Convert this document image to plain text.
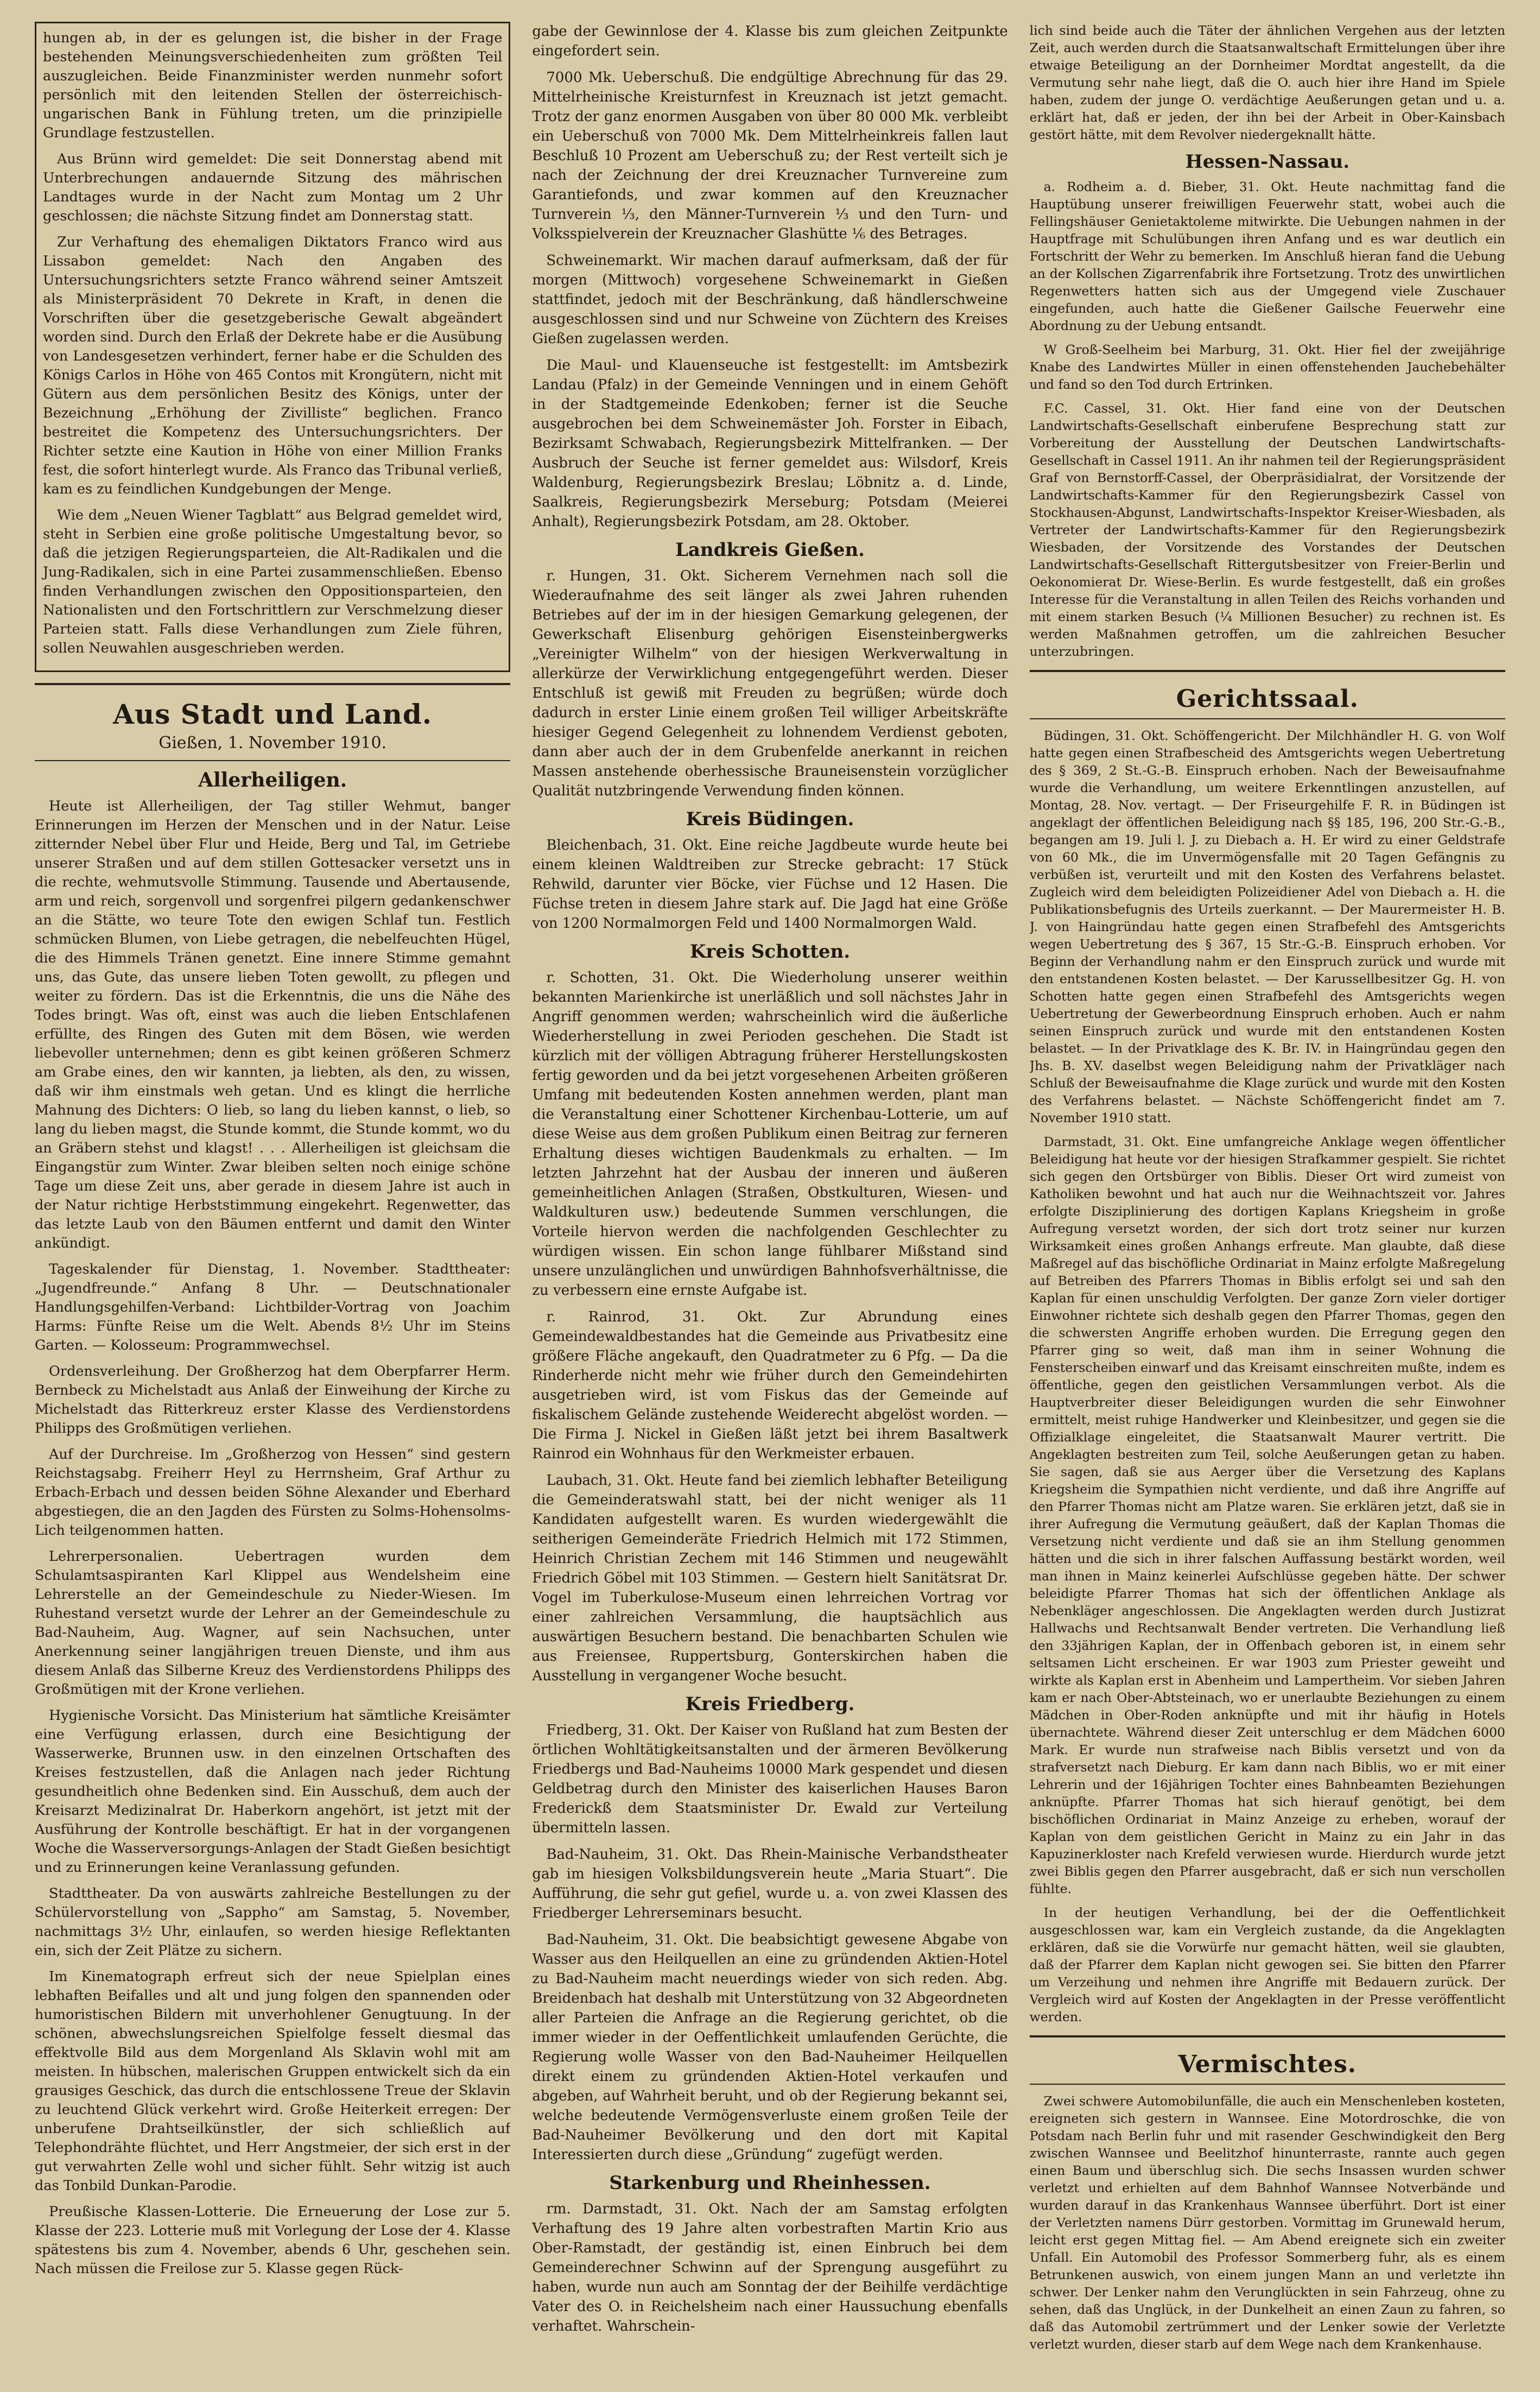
hungen ab, in der es gelungen ist, die bisher in der Frage bestehenden Meinungsverschiedenheiten zum größten Teil auszugleichen. Beide Finanzminister werden nunmehr sofort persönlich mit den leitenden Stellen der österreichisch-ungarischen Bank in Fühlung treten, um die prinzipielle Grundlage festzustellen.

Aus Brünn wird gemeldet: Die seit Donnerstag abend mit Unterbrechungen andauernde Sitzung des mährischen Landtages wurde in der Nacht zum Montag um 2 Uhr geschlossen; die nächste Sitzung findet am Donnerstag statt.

Zur Verhaftung des ehemaligen Diktators Franco wird aus Lissabon gemeldet: Nach den Angaben des Untersuchungsrichters setzte Franco während seiner Amtszeit als Ministerpräsident 70 Dekrete in Kraft, in denen die Vorschriften über die gesetzgeberische Gewalt abgeändert worden sind. Durch den Erlaß der Dekrete habe er die Ausübung von Landesgesetzen verhindert, ferner habe er die Schulden des Königs Carlos in Höhe von 465 Contos mit Krongütern, nicht mit Gütern aus dem persönlichen Besitz des Königs, unter der Bezeichnung „Erhöhung der Zivilliste“ beglichen. Franco bestreitet die Kompetenz des Untersuchungsrichters. Der Richter setzte eine Kaution in Höhe von einer Million Franks fest, die sofort hinterlegt wurde. Als Franco das Tribunal verließ, kam es zu feindlichen Kundgebungen der Menge.

Wie dem „Neuen Wiener Tagblatt“ aus Belgrad gemeldet wird, steht in Serbien eine große politische Umgestaltung bevor, so daß die jetzigen Regierungsparteien, die Alt-Radikalen und die Jung-Radikalen, sich in eine Partei zusammenschließen. Ebenso finden Verhandlungen zwischen den Oppositionsparteien, den Nationalisten und den Fortschrittlern zur Verschmelzung dieser Parteien statt. Falls diese Verhandlungen zum Ziele führen, sollen Neuwahlen ausgeschrieben werden.

Aus Stadt und Land.
Gießen, 1. November 1910.
Allerheiligen.

Heute ist Allerheiligen, der Tag stiller Wehmut, banger Erinnerungen im Herzen der Menschen und in der Natur. Leise zitternder Nebel über Flur und Heide, Berg und Tal, im Getriebe unserer Straßen und auf dem stillen Gottesacker versetzt uns in die rechte, wehmutsvolle Stimmung. Tausende und Abertausende, arm und reich, sorgenvoll und sorgenfrei pilgern gedankenschwer an die Stätte, wo teure Tote den ewigen Schlaf tun. Festlich schmücken Blumen, von Liebe getragen, die nebelfeuchten Hügel, die des Himmels Tränen genetzt. Eine innere Stimme gemahnt uns, das Gute, das unsere lieben Toten gewollt, zu pflegen und weiter zu fördern. Das ist die Erkenntnis, die uns die Nähe des Todes bringt. Was oft, einst was auch die lieben Entschlafenen erfüllte, des Ringen des Guten mit dem Bösen, wie werden liebevoller unternehmen; denn es gibt keinen größeren Schmerz am Grabe eines, den wir kannten, ja liebten, als den, zu wissen, daß wir ihm einstmals weh getan. Und es klingt die herrliche Mahnung des Dichters: O lieb, so lang du lieben kannst, o lieb, so lang du lieben magst, die Stunde kommt, die Stunde kommt, wo du an Gräbern stehst und klagst! . . . Allerheiligen ist gleichsam die Eingangstür zum Winter. Zwar bleiben selten noch einige schöne Tage um diese Zeit uns, aber gerade in diesem Jahre ist auch in der Natur richtige Herbststimmung eingekehrt. Regenwetter, das das letzte Laub von den Bäumen entfernt und damit den Winter ankündigt.

Tageskalender für Dienstag, 1. November. Stadttheater: „Jugendfreunde.“ Anfang 8 Uhr. — Deutschnationaler Handlungsgehilfen-Verband: Lichtbilder-Vortrag von Joachim Harms: Fünfte Reise um die Welt. Abends 8½ Uhr im Steins Garten. — Kolosseum: Programmwechsel.

Ordensverleihung. Der Großherzog hat dem Oberpfarrer Herm. Bernbeck zu Michelstadt aus Anlaß der Einweihung der Kirche zu Michelstadt das Ritterkreuz erster Klasse des Verdienstordens Philipps des Großmütigen verliehen.

Auf der Durchreise. Im „Großherzog von Hessen“ sind gestern Reichstagsabg. Freiherr Heyl zu Herrnsheim, Graf Arthur zu Erbach-Erbach und dessen beiden Söhne Alexander und Eberhard abgestiegen, die an den Jagden des Fürsten zu Solms-Hohensolms-Lich teilgenommen hatten.

Lehrerpersonalien. Uebertragen wurden dem Schulamtsaspiranten Karl Klippel aus Wendelsheim eine Lehrerstelle an der Gemeindeschule zu Nieder-Wiesen. Im Ruhestand versetzt wurde der Lehrer an der Gemeindeschule zu Bad-Nauheim, Aug. Wagner, auf sein Nachsuchen, unter Anerkennung seiner langjährigen treuen Dienste, und ihm aus diesem Anlaß das Silberne Kreuz des Verdienstordens Philipps des Großmütigen mit der Krone verliehen.

Hygienische Vorsicht. Das Ministerium hat sämtliche Kreisämter eine Verfügung erlassen, durch eine Besichtigung der Wasserwerke, Brunnen usw. in den einzelnen Ortschaften des Kreises festzustellen, daß die Anlagen nach jeder Richtung gesundheitlich ohne Bedenken sind. Ein Ausschuß, dem auch der Kreisarzt Medizinalrat Dr. Haberkorn angehört, ist jetzt mit der Ausführung der Kontrolle beschäftigt. Er hat in der vorgangenen Woche die Wasserversorgungs-Anlagen der Stadt Gießen besichtigt und zu Erinnerungen keine Veranlassung gefunden.

Stadttheater. Da von auswärts zahlreiche Bestellungen zu der Schülervorstellung von „Sappho“ am Samstag, 5. November, nachmittags 3½ Uhr, einlaufen, so werden hiesige Reflektanten ein, sich der Zeit Plätze zu sichern.

Im Kinematograph erfreut sich der neue Spielplan eines lebhaften Beifalles und alt und jung folgen den spannenden oder humoristischen Bildern mit unverhohlener Genugtuung. In der schönen, abwechslungsreichen Spielfolge fesselt diesmal das effektvolle Bild aus dem Morgenland Als Sklavin wohl mit am meisten. In hübschen, malerischen Gruppen entwickelt sich da ein grausiges Geschick, das durch die entschlossene Treue der Sklavin zu leuchtend Glück verkehrt wird. Große Heiterkeit erregen: Der unberufene Drahtseilkünstler, der sich schließlich auf Telephondrähte flüchtet, und Herr Angstmeier, der sich erst in der gut verwahrten Zelle wohl und sicher fühlt. Sehr witzig ist auch das Tonbild Dunkan-Parodie.

Preußische Klassen-Lotterie. Die Erneuerung der Lose zur 5. Klasse der 223. Lotterie muß mit Vorlegung der Lose der 4. Klasse spätestens bis zum 4. November, abends 6 Uhr, geschehen sein. Nach müssen die Freilose zur 5. Klasse gegen Rück-

gabe der Gewinnlose der 4. Klasse bis zum gleichen Zeitpunkte eingefordert sein.

7000 Mk. Ueberschuß. Die endgültige Abrechnung für das 29. Mittelrheinische Kreisturnfest in Kreuznach ist jetzt gemacht. Trotz der ganz enormen Ausgaben von über 80 000 Mk. verbleibt ein Ueberschuß von 7000 Mk. Dem Mittelrheinkreis fallen laut Beschluß 10 Prozent am Ueberschuß zu; der Rest verteilt sich je nach der Zeichnung der drei Kreuznacher Turnvereine zum Garantiefonds, und zwar kommen auf den Kreuznacher Turnverein ⅓, den Männer-Turnverein ⅓ und den Turn- und Volksspielverein der Kreuznacher Glashütte ⅙ des Betrages.

Schweinemarkt. Wir machen darauf aufmerksam, daß der für morgen (Mittwoch) vorgesehene Schweinemarkt in Gießen stattfindet, jedoch mit der Beschränkung, daß händlerschweine ausgeschlossen sind und nur Schweine von Züchtern des Kreises Gießen zugelassen werden.

Die Maul- und Klauenseuche ist festgestellt: im Amtsbezirk Landau (Pfalz) in der Gemeinde Venningen und in einem Gehöft in der Stadtgemeinde Edenkoben; ferner ist die Seuche ausgebrochen bei dem Schweinemäster Joh. Forster in Eibach, Bezirksamt Schwabach, Regierungsbezirk Mittelfranken. — Der Ausbruch der Seuche ist ferner gemeldet aus: Wilsdorf, Kreis Waldenburg, Regierungsbezirk Breslau; Löbnitz a. d. Linde, Saalkreis, Regierungsbezirk Merseburg; Potsdam (Meierei Anhalt), Regierungsbezirk Potsdam, am 28. Oktober.

Landkreis Gießen.

r. Hungen, 31. Okt. Sicherem Vernehmen nach soll die Wiederaufnahme des seit länger als zwei Jahren ruhenden Betriebes auf der im in der hiesigen Gemarkung gelegenen, der Gewerkschaft Elisenburg gehörigen Eisensteinbergwerks „Vereinigter Wilhelm“ von der hiesigen Werkverwaltung in allerkürze der Verwirklichung entgegengeführt werden. Dieser Entschluß ist gewiß mit Freuden zu begrüßen; würde doch dadurch in erster Linie einem großen Teil williger Arbeitskräfte hiesiger Gegend Gelegenheit zu lohnendem Verdienst geboten, dann aber auch der in dem Grubenfelde anerkannt in reichen Massen anstehende oberhessische Brauneisenstein vorzüglicher Qualität nutzbringende Verwendung finden können.

Kreis Büdingen.

Bleichenbach, 31. Okt. Eine reiche Jagdbeute wurde heute bei einem kleinen Waldtreiben zur Strecke gebracht: 17 Stück Rehwild, darunter vier Böcke, vier Füchse und 12 Hasen. Die Füchse treten in diesem Jahre stark auf. Die Jagd hat eine Größe von 1200 Normalmorgen Feld und 1400 Normalmorgen Wald.

Kreis Schotten.

r. Schotten, 31. Okt. Die Wiederholung unserer weithin bekannten Marienkirche ist unerläßlich und soll nächstes Jahr in Angriff genommen werden; wahrscheinlich wird die äußerliche Wiederherstellung in zwei Perioden geschehen. Die Stadt ist kürzlich mit der völligen Abtragung früherer Herstellungskosten fertig geworden und da bei jetzt vorgesehenen Arbeiten größeren Umfang mit bedeutenden Kosten annehmen werden, plant man die Veranstaltung einer Schottener Kirchenbau-Lotterie, um auf diese Weise aus dem großen Publikum einen Beitrag zur ferneren Erhaltung dieses wichtigen Baudenkmals zu erhalten. — Im letzten Jahrzehnt hat der Ausbau der inneren und äußeren gemeinheitlichen Anlagen (Straßen, Obstkulturen, Wiesen- und Waldkulturen usw.) bedeutende Summen verschlungen, die Vorteile hiervon werden die nachfolgenden Geschlechter zu würdigen wissen. Ein schon lange fühlbarer Mißstand sind unsere unzulänglichen und unwürdigen Bahnhofsverhältnisse, die zu verbessern eine ernste Aufgabe ist.

r. Rainrod, 31. Okt. Zur Abrundung eines Gemeindewaldbestandes hat die Gemeinde aus Privatbesitz eine größere Fläche angekauft, den Quadratmeter zu 6 Pfg. — Da die Rinderherde nicht mehr wie früher durch den Gemeindehirten ausgetrieben wird, ist vom Fiskus das der Gemeinde auf fiskalischem Gelände zustehende Weiderecht abgelöst worden. — Die Firma J. Nickel in Gießen läßt jetzt bei ihrem Basaltwerk Rainrod ein Wohnhaus für den Werkmeister erbauen.

Laubach, 31. Okt. Heute fand bei ziemlich lebhafter Beteiligung die Gemeinderatswahl statt, bei der nicht weniger als 11 Kandidaten aufgestellt waren. Es wurden wiedergewählt die seitherigen Gemeinderäte Friedrich Helmich mit 172 Stimmen, Heinrich Christian Zechem mit 146 Stimmen und neugewählt Friedrich Göbel mit 103 Stimmen. — Gestern hielt Sanitätsrat Dr. Vogel im Tuberkulose-Museum einen lehrreichen Vortrag vor einer zahlreichen Versammlung, die hauptsächlich aus auswärtigen Besuchern bestand. Die benachbarten Schulen wie aus Freiensee, Ruppertsburg, Gonterskirchen haben die Ausstellung in vergangener Woche besucht.

Kreis Friedberg.

Friedberg, 31. Okt. Der Kaiser von Rußland hat zum Besten der örtlichen Wohltätigkeitsanstalten und der ärmeren Bevölkerung Friedbergs und Bad-Nauheims 10000 Mark gespendet und diesen Geldbetrag durch den Minister des kaiserlichen Hauses Baron Frederickß dem Staatsminister Dr. Ewald zur Verteilung übermitteln lassen.

Bad-Nauheim, 31. Okt. Das Rhein-Mainische Verbandstheater gab im hiesigen Volksbildungsverein heute „Maria Stuart“. Die Aufführung, die sehr gut gefiel, wurde u. a. von zwei Klassen des Friedberger Lehrerseminars besucht.

Bad-Nauheim, 31. Okt. Die beabsichtigt gewesene Abgabe von Wasser aus den Heilquellen an eine zu gründenden Aktien-Hotel zu Bad-Nauheim macht neuerdings wieder von sich reden. Abg. Breidenbach hat deshalb mit Unterstützung von 32 Abgeordneten aller Parteien die Anfrage an die Regierung gerichtet, ob die immer wieder in der Oeffentlichkeit umlaufenden Gerüchte, die Regierung wolle Wasser von den Bad-Nauheimer Heilquellen direkt einem zu gründenden Aktien-Hotel verkaufen und abgeben, auf Wahrheit beruht, und ob der Regierung bekannt sei, welche bedeutende Vermögensverluste einem großen Teile der Bad-Nauheimer Bevölkerung und den dort mit Kapital Interessierten durch diese „Gründung“ zugefügt werden.

Starkenburg und Rheinhessen.

rm. Darmstadt, 31. Okt. Nach der am Samstag erfolgten Verhaftung des 19 Jahre alten vorbestraften Martin Krio aus Ober-Ramstadt, der geständig ist, einen Einbruch bei dem Gemeinderechner Schwinn auf der Sprengung ausgeführt zu haben, wurde nun auch am Sonntag der der Beihilfe verdächtige Vater des O. in Reichelsheim nach einer Haussuchung ebenfalls verhaftet. Wahrschein-

lich sind beide auch die Täter der ähnlichen Vergehen aus der letzten Zeit, auch werden durch die Staatsanwaltschaft Ermittelungen über ihre etwaige Beteiligung an der Dornheimer Mordtat angestellt, da die Vermutung sehr nahe liegt, daß die O. auch hier ihre Hand im Spiele haben, zudem der junge O. verdächtige Aeußerungen getan und u. a. erklärt hat, daß er jeden, der ihn bei der Arbeit in Ober-Kainsbach gestört hätte, mit dem Revolver niedergeknallt hätte.

Hessen-Nassau.

a. Rodheim a. d. Bieber, 31. Okt. Heute nachmittag fand die Hauptübung unserer freiwilligen Feuerwehr statt, wobei auch die Fellingshäuser Genietaktoleme mitwirkte. Die Uebungen nahmen in der Hauptfrage mit Schulübungen ihren Anfang und es war deutlich ein Fortschritt der Wehr zu bemerken. Im Anschluß hieran fand die Uebung an der Kollschen Zigarrenfabrik ihre Fortsetzung. Trotz des unwirtlichen Regenwetters hatten sich aus der Umgegend viele Zuschauer eingefunden, auch hatte die Gießener Gailsche Feuerwehr eine Abordnung zu der Uebung entsandt.

W Groß-Seelheim bei Marburg, 31. Okt. Hier fiel der zweijährige Knabe des Landwirtes Müller in einen offenstehenden Jauchebehälter und fand so den Tod durch Ertrinken.

F.C. Cassel, 31. Okt. Hier fand eine von der Deutschen Landwirtschafts-Gesellschaft einberufene Besprechung statt zur Vorbereitung der Ausstellung der Deutschen Landwirtschafts-Gesellschaft in Cassel 1911. An ihr nahmen teil der Regierungspräsident Graf von Bernstorff-Cassel, der Oberpräsidialrat, der Vorsitzende der Landwirtschafts-Kammer für den Regierungsbezirk Cassel von Stockhausen-Abgunst, Landwirtschafts-Inspektor Kreiser-Wiesbaden, als Vertreter der Landwirtschafts-Kammer für den Regierungsbezirk Wiesbaden, der Vorsitzende des Vorstandes der Deutschen Landwirtschafts-Gesellschaft Rittergutsbesitzer von Freier-Berlin und Oekonomierat Dr. Wiese-Berlin. Es wurde festgestellt, daß ein großes Interesse für die Veranstaltung in allen Teilen des Reichs vorhanden und mit einem starken Besuch (¼ Millionen Besucher) zu rechnen ist. Es werden Maßnahmen getroffen, um die zahlreichen Besucher unterzubringen.

Gerichtssaal.

Büdingen, 31. Okt. Schöffengericht. Der Milchhändler H. G. von Wolf hatte gegen einen Strafbescheid des Amtsgerichts wegen Uebertretung des § 369, 2 St.-G.-B. Einspruch erhoben. Nach der Beweisaufnahme wurde die Verhandlung, um weitere Erkenntlingen anzustellen, auf Montag, 28. Nov. vertagt. — Der Friseurgehilfe F. R. in Büdingen ist angeklagt der öffentlichen Beleidigung nach §§ 185, 196, 200 Str.-G.-B., begangen am 19. Juli l. J. zu Diebach a. H. Er wird zu einer Geldstrafe von 60 Mk., die im Unvermögensfalle mit 20 Tagen Gefängnis zu verbüßen ist, verurteilt und mit den Kosten des Verfahrens belastet. Zugleich wird dem beleidigten Polizeidiener Adel von Diebach a. H. die Publikationsbefugnis des Urteils zuerkannt. — Der Maurermeister H. B. J. von Haingründau hatte gegen einen Strafbefehl des Amtsgerichts wegen Uebertretung des § 367, 15 Str.-G.-B. Einspruch erhoben. Vor Beginn der Verhandlung nahm er den Einspruch zurück und wurde mit den entstandenen Kosten belastet. — Der Karussellbesitzer Gg. H. von Schotten hatte gegen einen Strafbefehl des Amtsgerichts wegen Uebertretung der Gewerbeordnung Einspruch erhoben. Auch er nahm seinen Einspruch zurück und wurde mit den entstandenen Kosten belastet. — In der Privatklage des K. Br. IV. in Haingründau gegen den Jhs. B. XV. daselbst wegen Beleidigung nahm der Privatkläger nach Schluß der Beweisaufnahme die Klage zurück und wurde mit den Kosten des Verfahrens belastet. — Nächste Schöffengericht findet am 7. November 1910 statt.

Darmstadt, 31. Okt. Eine umfangreiche Anklage wegen öffentlicher Beleidigung hat heute vor der hiesigen Strafkammer gespielt. Sie richtet sich gegen den Ortsbürger von Biblis. Dieser Ort wird zumeist von Katholiken bewohnt und hat auch nur die Weihnachtszeit vor. Jahres erfolgte Disziplinierung des dortigen Kaplans Kriegsheim in große Aufregung versetzt worden, der sich dort trotz seiner nur kurzen Wirksamkeit eines großen Anhangs erfreute. Man glaubte, daß diese Maßregel auf das bischöfliche Ordinariat in Mainz erfolgte Maßregelung auf Betreiben des Pfarrers Thomas in Biblis erfolgt sei und sah den Kaplan für einen unschuldig Verfolgten. Der ganze Zorn vieler dortiger Einwohner richtete sich deshalb gegen den Pfarrer Thomas, gegen den die schwersten Angriffe erhoben wurden. Die Erregung gegen den Pfarrer ging so weit, daß man ihm in seiner Wohnung die Fensterscheiben einwarf und das Kreisamt einschreiten mußte, indem es öffentliche, gegen den geistlichen Versammlungen verbot. Als die Hauptverbreiter dieser Beleidigungen wurden die sehr Einwohner ermittelt, meist ruhige Handwerker und Kleinbesitzer, und gegen sie die Offizialklage eingeleitet, die Staatsanwalt Maurer vertritt. Die Angeklagten bestreiten zum Teil, solche Aeußerungen getan zu haben. Sie sagen, daß sie aus Aerger über die Versetzung des Kaplans Kriegsheim die Sympathien nicht verdiente, und daß ihre Angriffe auf den Pfarrer Thomas nicht am Platze waren. Sie erklären jetzt, daß sie in ihrer Aufregung die Vermutung geäußert, daß der Kaplan Thomas die Versetzung nicht verdiente und daß sie an ihm Stellung genommen hätten und die sich in ihrer falschen Auffassung bestärkt worden, weil man ihnen in Mainz keinerlei Aufschlüsse gegeben hätte. Der schwer beleidigte Pfarrer Thomas hat sich der öffentlichen Anklage als Nebenkläger angeschlossen. Die Angeklagten werden durch Justizrat Hallwachs und Rechtsanwalt Bender vertreten. Die Verhandlung ließ den 33jährigen Kaplan, der in Offenbach geboren ist, in einem sehr seltsamen Licht erscheinen. Er war 1903 zum Priester geweiht und wirkte als Kaplan erst in Abenheim und Lampertheim. Vor sieben Jahren kam er nach Ober-Abtsteinach, wo er unerlaubte Beziehungen zu einem Mädchen in Ober-Roden anknüpfte und mit ihr häufig in Hotels übernachtete. Während dieser Zeit unterschlug er dem Mädchen 6000 Mark. Er wurde nun strafweise nach Biblis versetzt und von da strafversetzt nach Dieburg. Er kam dann nach Biblis, wo er mit einer Lehrerin und der 16jährigen Tochter eines Bahnbeamten Beziehungen anknüpfte. Pfarrer Thomas hat sich hierauf genötigt, bei dem bischöflichen Ordinariat in Mainz Anzeige zu erheben, worauf der Kaplan von dem geistlichen Gericht in Mainz zu ein Jahr in das Kapuzinerkloster nach Krefeld verwiesen wurde. Hierdurch wurde jetzt zwei Biblis gegen den Pfarrer ausgebracht, daß er sich nun verschollen fühlte.

In der heutigen Verhandlung, bei der die Oeffentlichkeit ausgeschlossen war, kam ein Vergleich zustande, da die Angeklagten erklären, daß sie die Vorwürfe nur gemacht hätten, weil sie glaubten, daß der Pfarrer dem Kaplan nicht gewogen sei. Sie bitten den Pfarrer um Verzeihung und nehmen ihre Angriffe mit Bedauern zurück. Der Vergleich wird auf Kosten der Angeklagten in der Presse veröffentlicht werden.

Vermischtes.

Zwei schwere Automobilunfälle, die auch ein Menschenleben kosteten, ereigneten sich gestern in Wannsee. Eine Motordroschke, die von Potsdam nach Berlin fuhr und mit rasender Geschwindigkeit den Berg zwischen Wannsee und Beelitzhof hinunterraste, rannte auch gegen einen Baum und überschlug sich. Die sechs Insassen wurden schwer verletzt und erhielten auf dem Bahnhof Wannsee Notverbände und wurden darauf in das Krankenhaus Wannsee überführt. Dort ist einer der Verletzten namens Dürr gestorben. Vormittag im Grunewald herum, leicht erst gegen Mittag fiel. — Am Abend ereignete sich ein zweiter Unfall. Ein Automobil des Professor Sommerberg fuhr, als es einem Betrunkenen auswich, von einem jungen Mann an und verletzte ihn schwer. Der Lenker nahm den Verunglückten in sein Fahrzeug, ohne zu sehen, daß das Unglück, in der Dunkelheit an einen Zaun zu fahren, so daß das Automobil zertrümmert und der Lenker sowie der Verletzte verletzt wurden, dieser starb auf dem Wege nach dem Krankenhause.
